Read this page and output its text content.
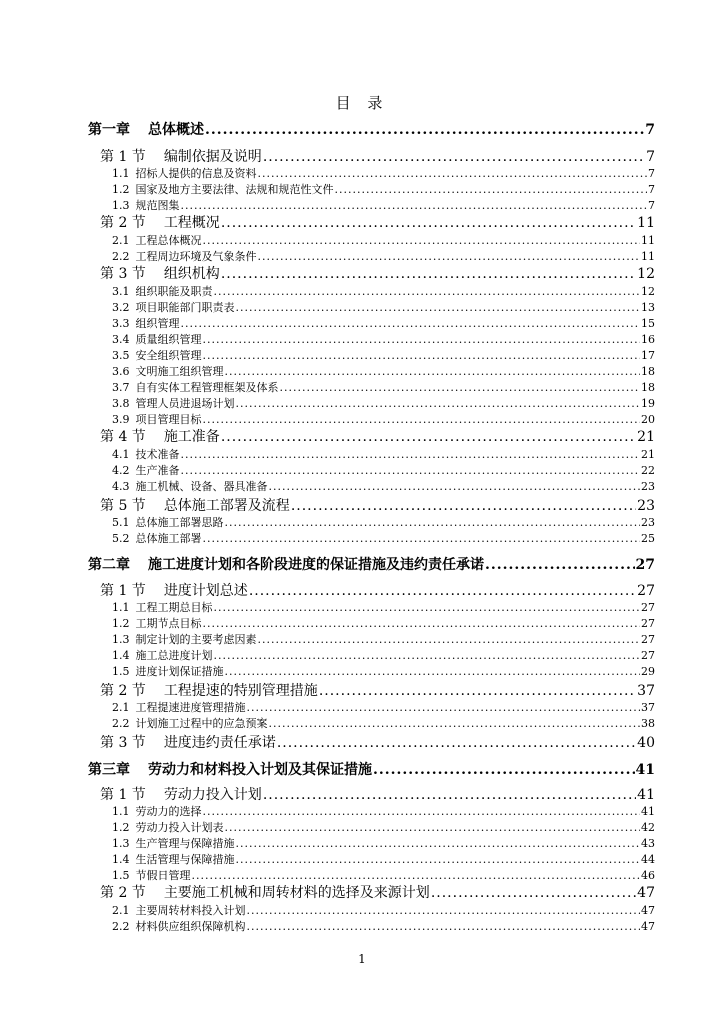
目 录
第一章 总体概述 .....	7
第 1 节 编制依据及说明 .....	7
1.1 招标人提供的信息及资料 .....	7
1.2 国家及地方主要法律、法规和规范性文件 .....	7
1.3 规范图集 .....	7
第 2 节 工程概况 .....	11
2.1 工程总体概况 .....	11
2.2 工程周边环境及气象条件 .....	11
第 3 节 组织机构 .....	12
3.1 组织职能及职责 .....	12
3.2 项目职能部门职责表 .....	13
3.3 组织管理 .....	15
3.4 质量组织管理 .....	16
3.5 安全组织管理 .....	17
3.6 文明施工组织管理 .....	18
3.7 自有实体工程管理框架及体系 .....	18
3.8 管理人员进退场计划 .....	19
3.9 项目管理目标 .....	20
第 4 节 施工准备 .....	21
4.1 技术准备 .....	21
4.2 生产准备 .....	22
4.3 施工机械、设备、器具准备 .....	23
第 5 节 总体施工部署及流程 .....	23
5.1 总体施工部署思路 .....	23
5.2 总体施工部署 .....	25
第二章 施工进度计划和各阶段进度的保证措施及违约责任承诺 .....	27
第 1 节 进度计划总述 .....	27
1.1 工程工期总目标 .....	27
1.2 工期节点目标 .....	27
1.3 制定计划的主要考虑因素 .....	27
1.4 施工总进度计划 .....	27
1.5 进度计划保证措施 .....	29
第 2 节 工程提速的特别管理措施 .....	37
2.1 工程提速进度管理措施 .....	37
2.2 计划施工过程中的应急预案 .....	38
第 3 节 进度违约责任承诺 .....	40
第三章 劳动力和材料投入计划及其保证措施 .....	41
第 1 节 劳动力投入计划 .....	41
1.1 劳动力的选择 .....	41
1.2 劳动力投入计划表 .....	42
1.3 生产管理与保障措施 .....	43
1.4 生活管理与保障措施 .....	44
1.5 节假日管理 .....	46
第 2 节 主要施工机械和周转材料的选择及来源计划 .....	47
2.1 主要周转材料投入计划 .....	47
2.2 材料供应组织保障机构 .....	47
1
